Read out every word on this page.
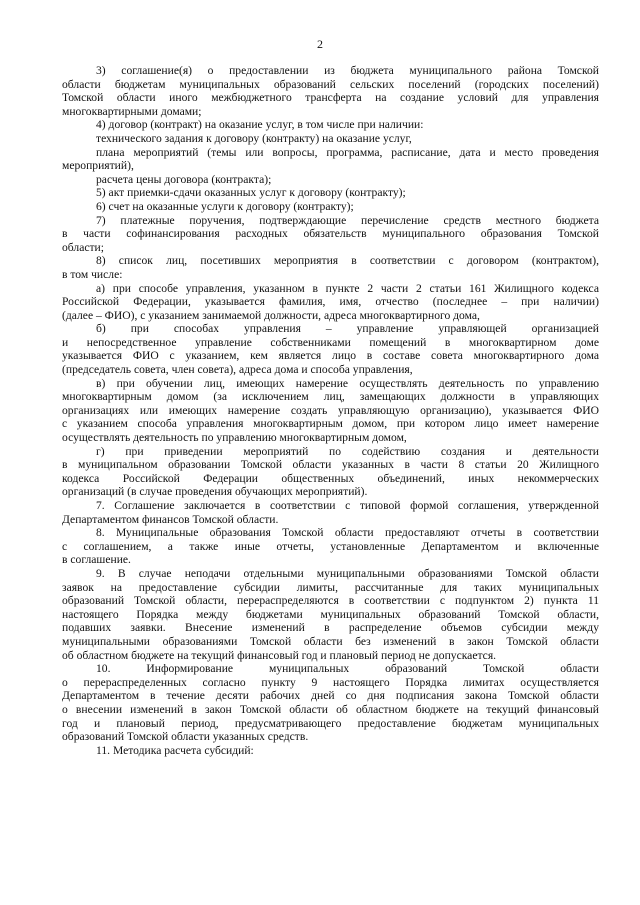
2
3) соглашение(я) о предоставлении из бюджета муниципального района Томской
области бюджетам муниципальных образований сельских поселений (городских поселений)
Томской области иного межбюджетного трансферта на создание условий для управления
многоквартирными домами;
4) договор (контракт) на оказание услуг, в том числе при наличии:
технического задания к договору (контракту) на оказание услуг,
плана мероприятий (темы или вопросы, программа, расписание, дата и место проведения
мероприятий),
расчета цены договора (контракта);
5) акт приемки-сдачи оказанных услуг к договору (контракту);
6) счет на оказанные услуги к договору (контракту);
7) платежные поручения, подтверждающие перечисление средств местного бюджета
в части софинансирования расходных обязательств муниципального образования Томской
области;
8) список лиц, посетивших мероприятия в соответствии с договором (контрактом),
в том числе:
а) при способе управления, указанном в пункте 2 части 2 статьи 161 Жилищного кодекса
Российской Федерации, указывается фамилия, имя, отчество (последнее – при наличии)
(далее – ФИО), с указанием занимаемой должности, адреса многоквартирного дома,
б) при способах управления – управление управляющей организацией
и непосредственное управление собственниками помещений в многоквартирном доме
указывается ФИО с указанием, кем является лицо в составе совета многоквартирного дома
(председатель совета, член совета), адреса дома и способа управления,
в) при обучении лиц, имеющих намерение осуществлять деятельность по управлению
многоквартирным домом (за исключением лиц, замещающих должности в управляющих
организациях или имеющих намерение создать управляющую организацию), указывается ФИО
с указанием способа управления многоквартирным домом, при котором лицо имеет намерение
осуществлять деятельность по управлению многоквартирным домом,
г) при приведении мероприятий по содействию создания и деятельности
в муниципальном образовании Томской области указанных в части 8 статьи 20 Жилищного
кодекса Российской Федерации общественных объединений, иных некоммерческих
организаций (в случае проведения обучающих мероприятий).
7. Соглашение заключается в соответствии с типовой формой соглашения, утвержденной
Департаментом финансов Томской области.
8. Муниципальные образования Томской области предоставляют отчеты в соответствии
с соглашением, а также иные отчеты, установленные Департаментом и включенные
в соглашение.
9. В случае неподачи отдельными муниципальными образованиями Томской области
заявок на предоставление субсидии лимиты, рассчитанные для таких муниципальных
образований Томской области, перераспределяются в соответствии с подпунктом 2) пункта 11
настоящего Порядка между бюджетами муниципальных образований Томской области,
подавших заявки. Внесение изменений в распределение объемов субсидии между
муниципальными образованиями Томской области без изменений в закон Томской области
об областном бюджете на текущий финансовый год и плановый период не допускается.
10. Информирование муниципальных образований Томской области
о перераспределенных согласно пункту 9 настоящего Порядка лимитах осуществляется
Департаментом в течение десяти рабочих дней со дня подписания закона Томской области
о внесении изменений в закон Томской области об областном бюджете на текущий финансовый
год и плановый период, предусматривающего предоставление бюджетам муниципальных
образований Томской области указанных средств.
11. Методика расчета субсидий:
